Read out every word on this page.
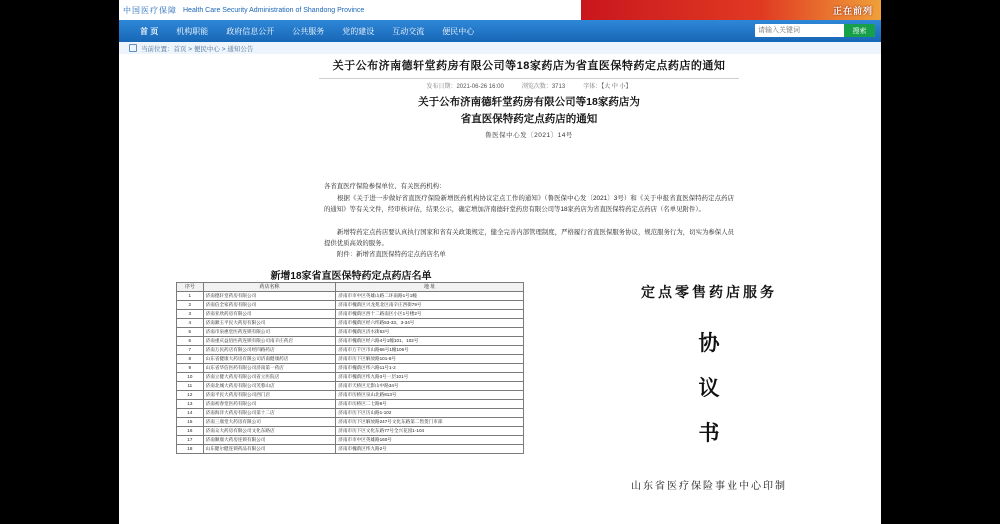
中国医疗保障 Health Care Security Administration of Shandong Province	正在前列
首 页	机构职能	政府信息公开	公共服务	党的建设	互动交流	便民中心
请输入关键词	搜索
当前位置：首页 > 便民中心 > 通知公告
关于公布济南德轩堂药房有限公司等18家药店为省直医保特药定点药店的通知
发布日期：2021-06-26 16:00	浏览次数：3713	字体：【大 中 小】
关于公布济南德轩堂药房有限公司等18家药店为
省直医保特药定点药店的通知
鲁医保中心发〔2021〕14号

各省直医疗保险参保单位、有关医药机构：

根据《关于进一步做好省直医疗保险新增医药机构协议定点工作的通知》（鲁医保中心发〔2021〕3号）和《关于申报省直医保特药定点药店的通知》等有关文件，经审核评估，结果公示，确定增加济南德轩堂药房有限公司等18家药店为省直医保特药定点药店（名单见附件）。

新增特药定点药店要认真执行国家和省有关政策规定，健全完善内部管理制度，严格履行省直医保服务协议，规范服务行为，切实为参保人员提供优质高效的服务。

附件：新增省直医保特药定点药店名单

新增18家省直医保特药定点药店名单
序号	药店名称	地 址
1	济南德轩堂药房有限公司	济南市市中区英雄山路二环南路1号1幢
2	济南信全家药房有限公司	济南市槐荫区兴龙苑北区南辛庄西街79号
3	济南亚欣药房有限公司	济南市槐荫区西十二路南区小区1号楼2号
4	济南漱玉平民大药房有限公司	济南市槐荫区经六纬路53-33、3-34号
5	济南市泉惠堂医药连锁有限公司	济南市槐荫区济水街63号
6	济南重庆益佰医药连锁有限公司南辛庄药店	济南市槐荫区经六路4号1幢101、102号
7	济南万民药店有限公司经四路药店	济南市万千区市山路66号1幢106号
8	山东省健康大药房有限公司济南健康药店	济南市历下区解放路101-8号
9	山东省华信医药有限公司济南第一药店	济南市槐荫区纬六路11号1-2
10	济南立健大药房有限公司省立医院店	济南市槐荫区纬九路3号一层101号
11	济南北城大药房有限公司芙蓉山店	济南市天桥区无影山中路34号
12	济南平民大药房有限公司西门店	济南市历桥区泉山北路813号
13	济南初春堂医药有限公司	济南市历桥区二七路8号
14	济南海洋大药房有限公司第十二店	济南市历下区历山路1-102
15	济南三康堂大药房有限公司	济南市历下区解放路247号文化东路第二售货门市部
16	济南众大药房有限公司文化东路店	济南市历下区文化东路77号全兴花园1-104
17	济南顺康大药房连锁有限公司	济南市市中区英雄路160号
18	山东健尔健连锁药品有限公司	济南市槐荫区纬九路2号
定点零售药店服务
协
议
书
山东省医疗保险事业中心印制
